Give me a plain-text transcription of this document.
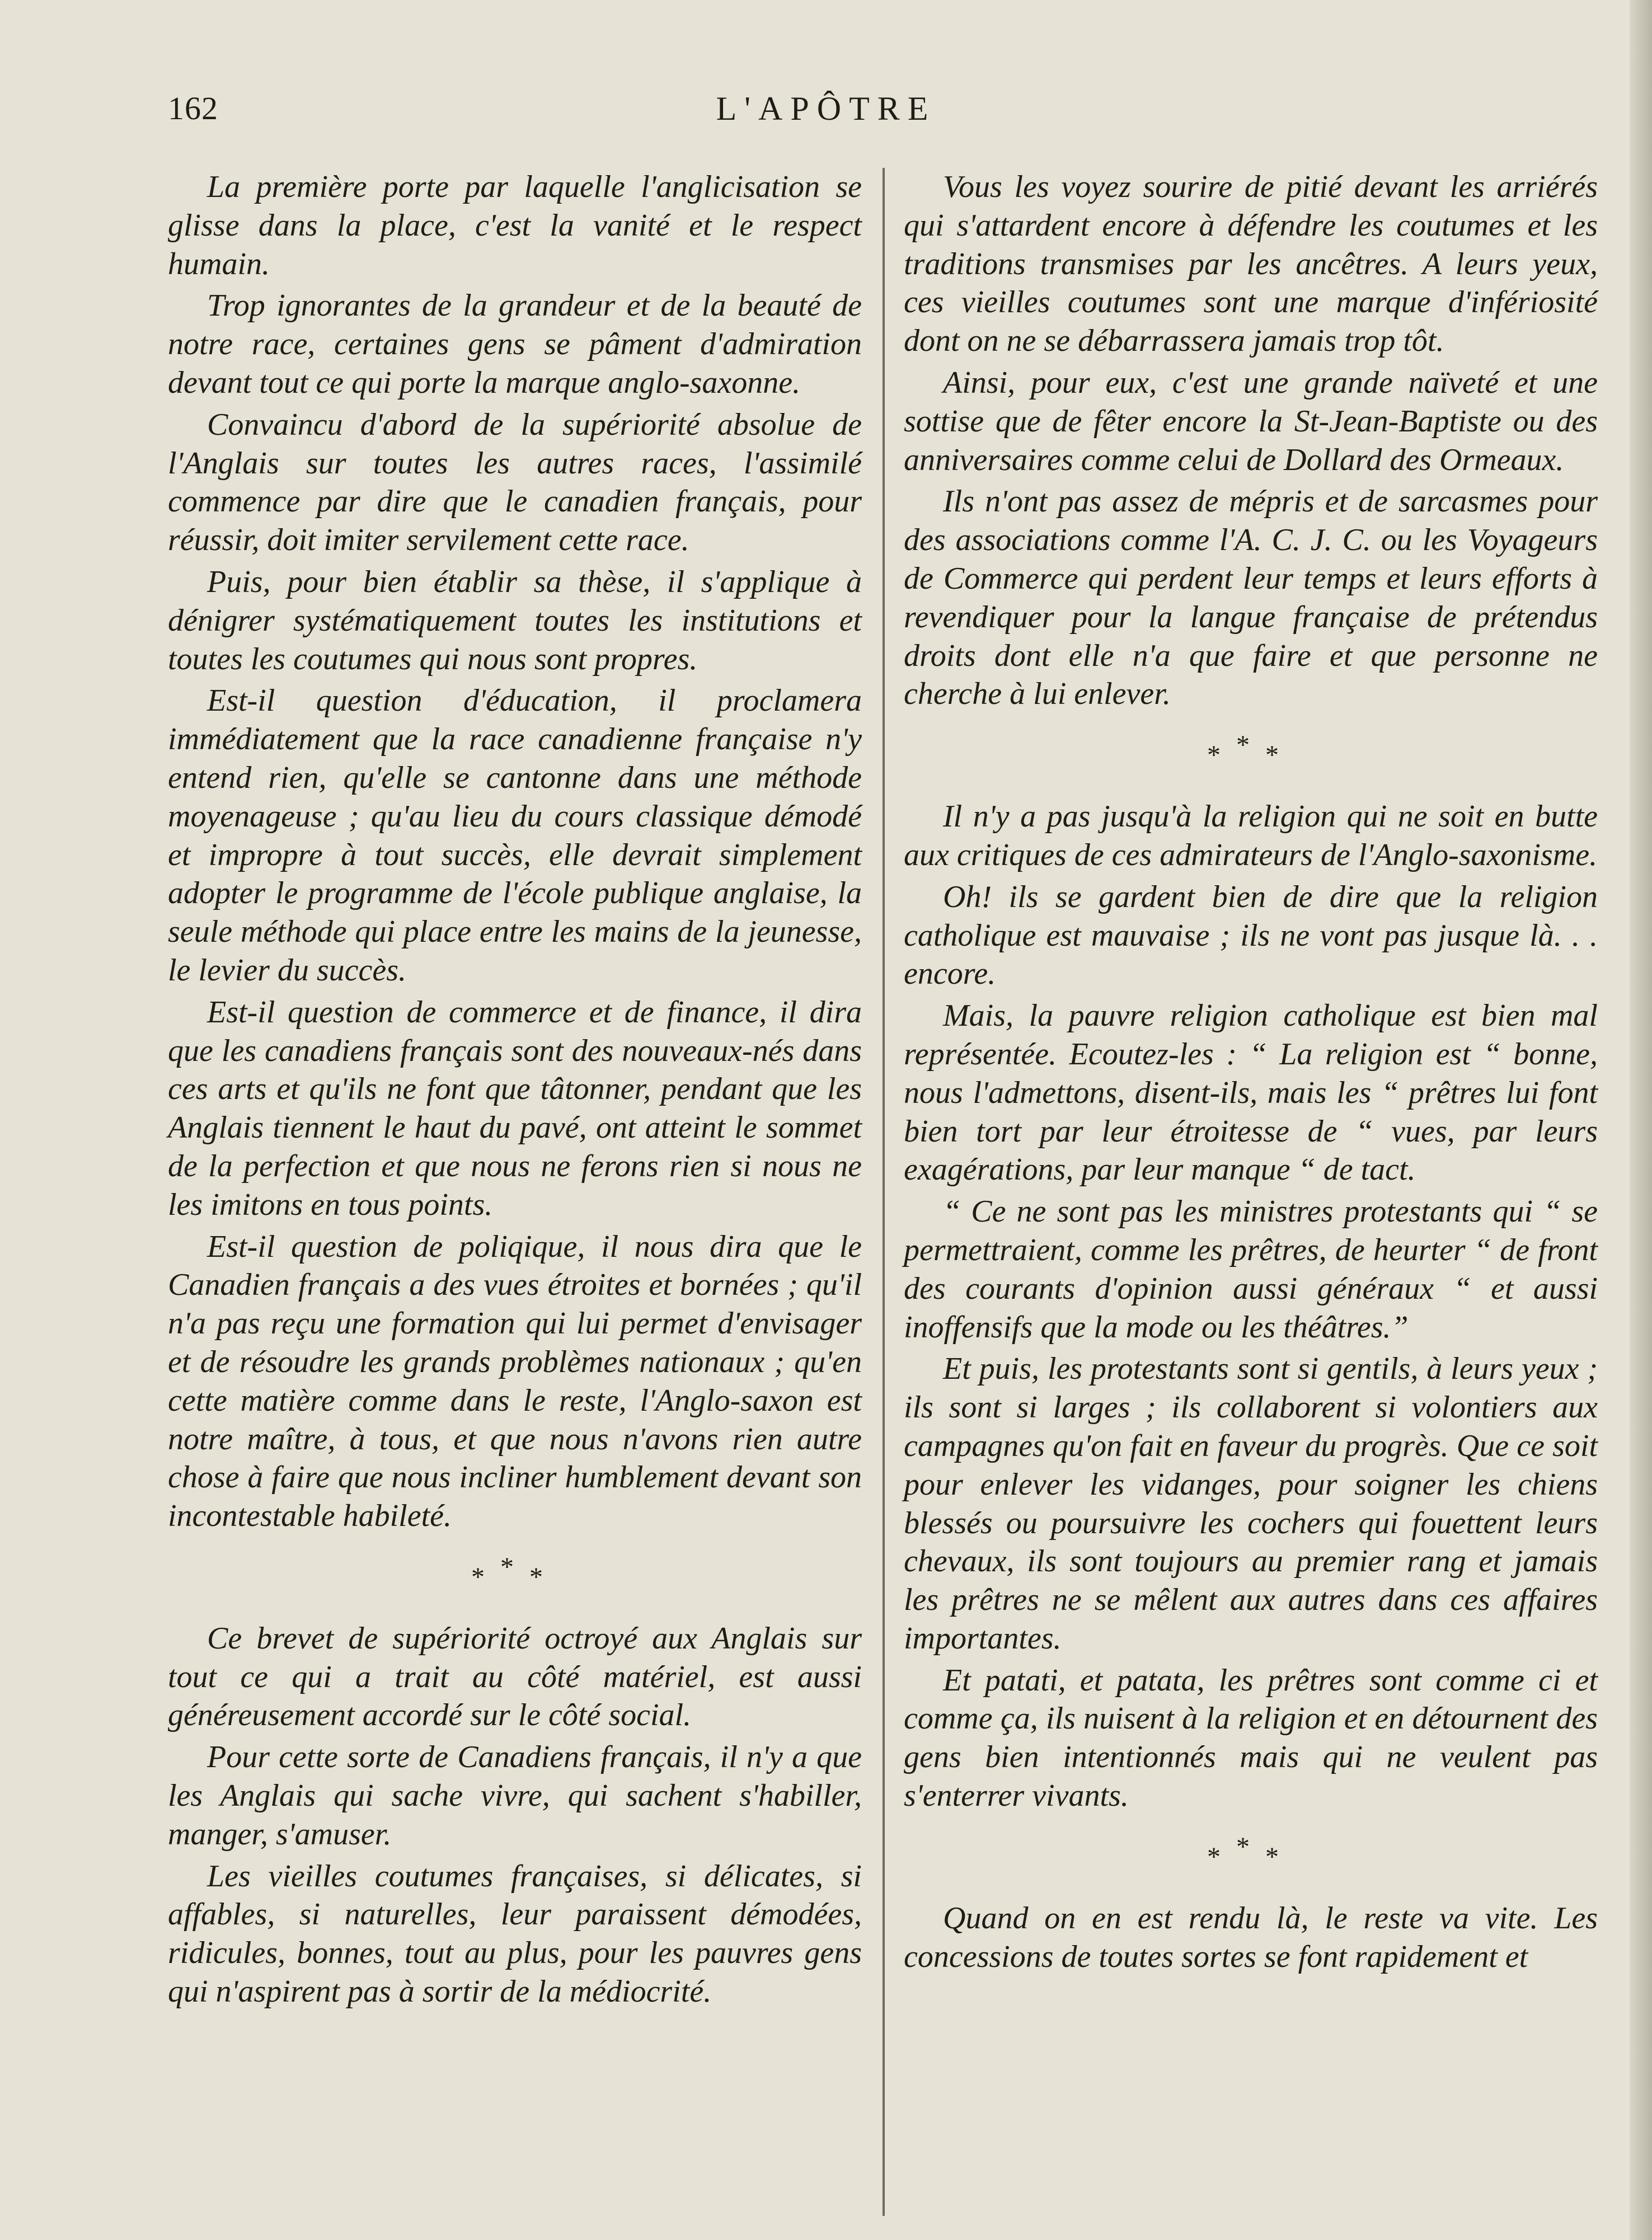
162	L'APÔTRE

La première porte par laquelle l'anglicisation se glisse dans la place, c'est la vanité et le respect humain.

Trop ignorantes de la grandeur et de la beauté de notre race, certaines gens se pâment d'admiration devant tout ce qui porte la marque anglo-saxonne.

Convaincu d'abord de la supériorité absolue de l'Anglais sur toutes les autres races, l'assimilé commence par dire que le canadien français, pour réussir, doit imiter servilement cette race.

Puis, pour bien établir sa thèse, il s'applique à dénigrer systématiquement toutes les institutions et toutes les coutumes qui nous sont propres.

Est-il question d'éducation, il proclamera immédiatement que la race canadienne française n'y entend rien, qu'elle se cantonne dans une méthode moyenageuse ; qu'au lieu du cours classique démodé et impropre à tout succès, elle devrait simplement adopter le programme de l'école publique anglaise, la seule méthode qui place entre les mains de la jeunesse, le levier du succès.

Est-il question de commerce et de finance, il dira que les canadiens français sont des nouveaux-nés dans ces arts et qu'ils ne font que tâtonner, pendant que les Anglais tiennent le haut du pavé, ont atteint le sommet de la perfection et que nous ne ferons rien si nous ne les imitons en tous points.

Est-il question de poliqique, il nous dira que le Canadien français a des vues étroites et bornées ; qu'il n'a pas reçu une formation qui lui permet d'envisager et de résoudre les grands problèmes nationaux ; qu'en cette matière comme dans le reste, l'Anglo-saxon est notre maître, à tous, et que nous n'avons rien autre chose à faire que nous incliner humblement devant son incontestable habileté.

***

Ce brevet de supériorité octroyé aux Anglais sur tout ce qui a trait au côté matériel, est aussi généreusement accordé sur le côté social.

Pour cette sorte de Canadiens français, il n'y a que les Anglais qui sache vivre, qui sachent s'habiller, manger, s'amuser.

Les vieilles coutumes françaises, si délicates, si affables, si naturelles, leur paraissent démodées, ridicules, bonnes, tout au plus, pour les pauvres gens qui n'aspirent pas à sortir de la médiocrité.

Vous les voyez sourire de pitié devant les arriérés qui s'attardent encore à défendre les coutumes et les traditions transmises par les ancêtres. A leurs yeux, ces vieilles coutumes sont une marque d'infériosité dont on ne se débarrassera jamais trop tôt.

Ainsi, pour eux, c'est une grande naïveté et une sottise que de fêter encore la St-Jean-Baptiste ou des anniversaires comme celui de Dollard des Ormeaux.

Ils n'ont pas assez de mépris et de sarcasmes pour des associations comme l'A. C. J. C. ou les Voyageurs de Commerce qui perdent leur temps et leurs efforts à revendiquer pour la langue française de prétendus droits dont elle n'a que faire et que personne ne cherche à lui enlever.

***

Il n'y a pas jusqu'à la religion qui ne soit en butte aux critiques de ces admirateurs de l'Anglo-saxonisme.

Oh! ils se gardent bien de dire que la religion catholique est mauvaise ; ils ne vont pas jusque là. . . encore.

Mais, la pauvre religion catholique est bien mal représentée. Ecoutez-les : “ La religion est “ bonne, nous l'admettons, disent-ils, mais les “ prêtres lui font bien tort par leur étroitesse de “ vues, par leurs exagérations, par leur manque “ de tact.

“ Ce ne sont pas les ministres protestants qui “ se permettraient, comme les prêtres, de heurter “ de front des courants d'opinion aussi généraux “ et aussi inoffensifs que la mode ou les théâtres.”

Et puis, les protestants sont si gentils, à leurs yeux ; ils sont si larges ; ils collaborent si volontiers aux campagnes qu'on fait en faveur du progrès. Que ce soit pour enlever les vidanges, pour soigner les chiens blessés ou poursuivre les cochers qui fouettent leurs chevaux, ils sont toujours au premier rang et jamais les prêtres ne se mêlent aux autres dans ces affaires importantes.

Et patati, et patata, les prêtres sont comme ci et comme ça, ils nuisent à la religion et en détournent des gens bien intentionnés mais qui ne veulent pas s'enterrer vivants.

***

Quand on en est rendu là, le reste va vite. Les concessions de toutes sortes se font rapidement et
